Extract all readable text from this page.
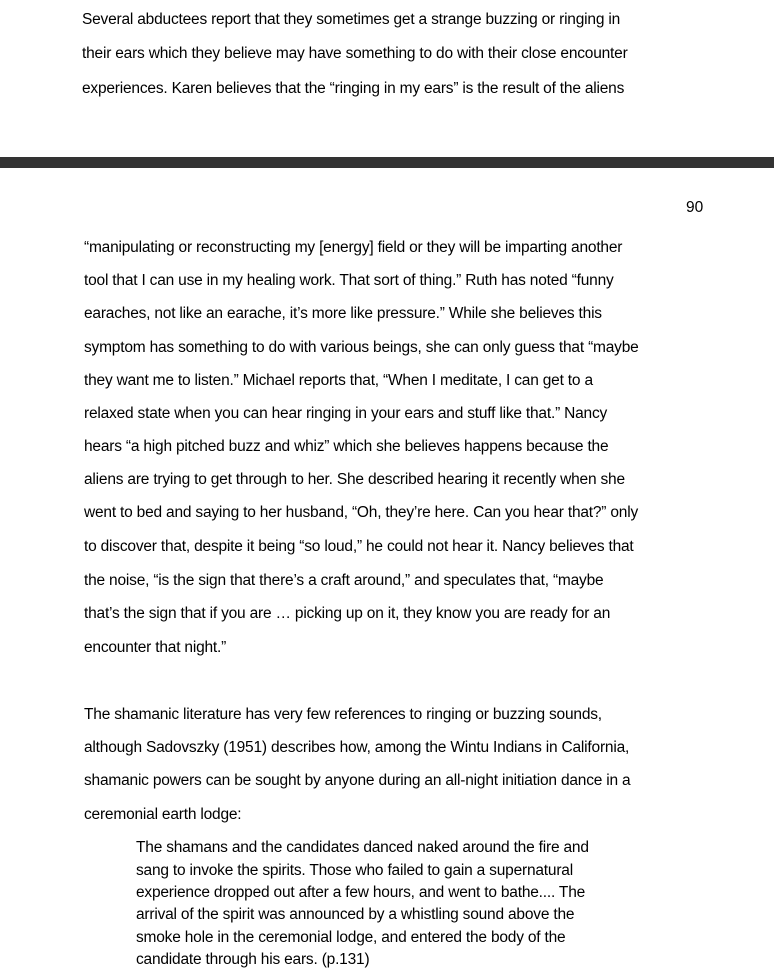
Several abductees report that they sometimes get a strange buzzing or ringing in
their ears which they believe may have something to do with their close encounter
experiences. Karen believes that the “ringing in my ears” is the result of the aliens
90
“manipulating or reconstructing my [energy] field or they will be imparting another
tool that I can use in my healing work. That sort of thing.” Ruth has noted “funny
earaches, not like an earache, it’s more like pressure.” While she believes this
symptom has something to do with various beings, she can only guess that “maybe
they want me to listen.” Michael reports that, “When I meditate, I can get to a
relaxed state when you can hear ringing in your ears and stuff like that.” Nancy
hears “a high pitched buzz and whiz” which she believes happens because the
aliens are trying to get through to her. She described hearing it recently when she
went to bed and saying to her husband, “Oh, they’re here. Can you hear that?” only
to discover that, despite it being “so loud,” he could not hear it. Nancy believes that
the noise, “is the sign that there’s a craft around,” and speculates that, “maybe
that’s the sign that if you are … picking up on it, they know you are ready for an
encounter that night.”
The shamanic literature has very few references to ringing or buzzing sounds,
although Sadovszky (1951) describes how, among the Wintu Indians in California,
shamanic powers can be sought by anyone during an all-night initiation dance in a
ceremonial earth lodge:
The shamans and the candidates danced naked around the fire and
sang to invoke the spirits. Those who failed to gain a supernatural
experience dropped out after a few hours, and went to bathe.... The
arrival of the spirit was announced by a whistling sound above the
smoke hole in the ceremonial lodge, and entered the body of the
candidate through his ears. (p.131)
